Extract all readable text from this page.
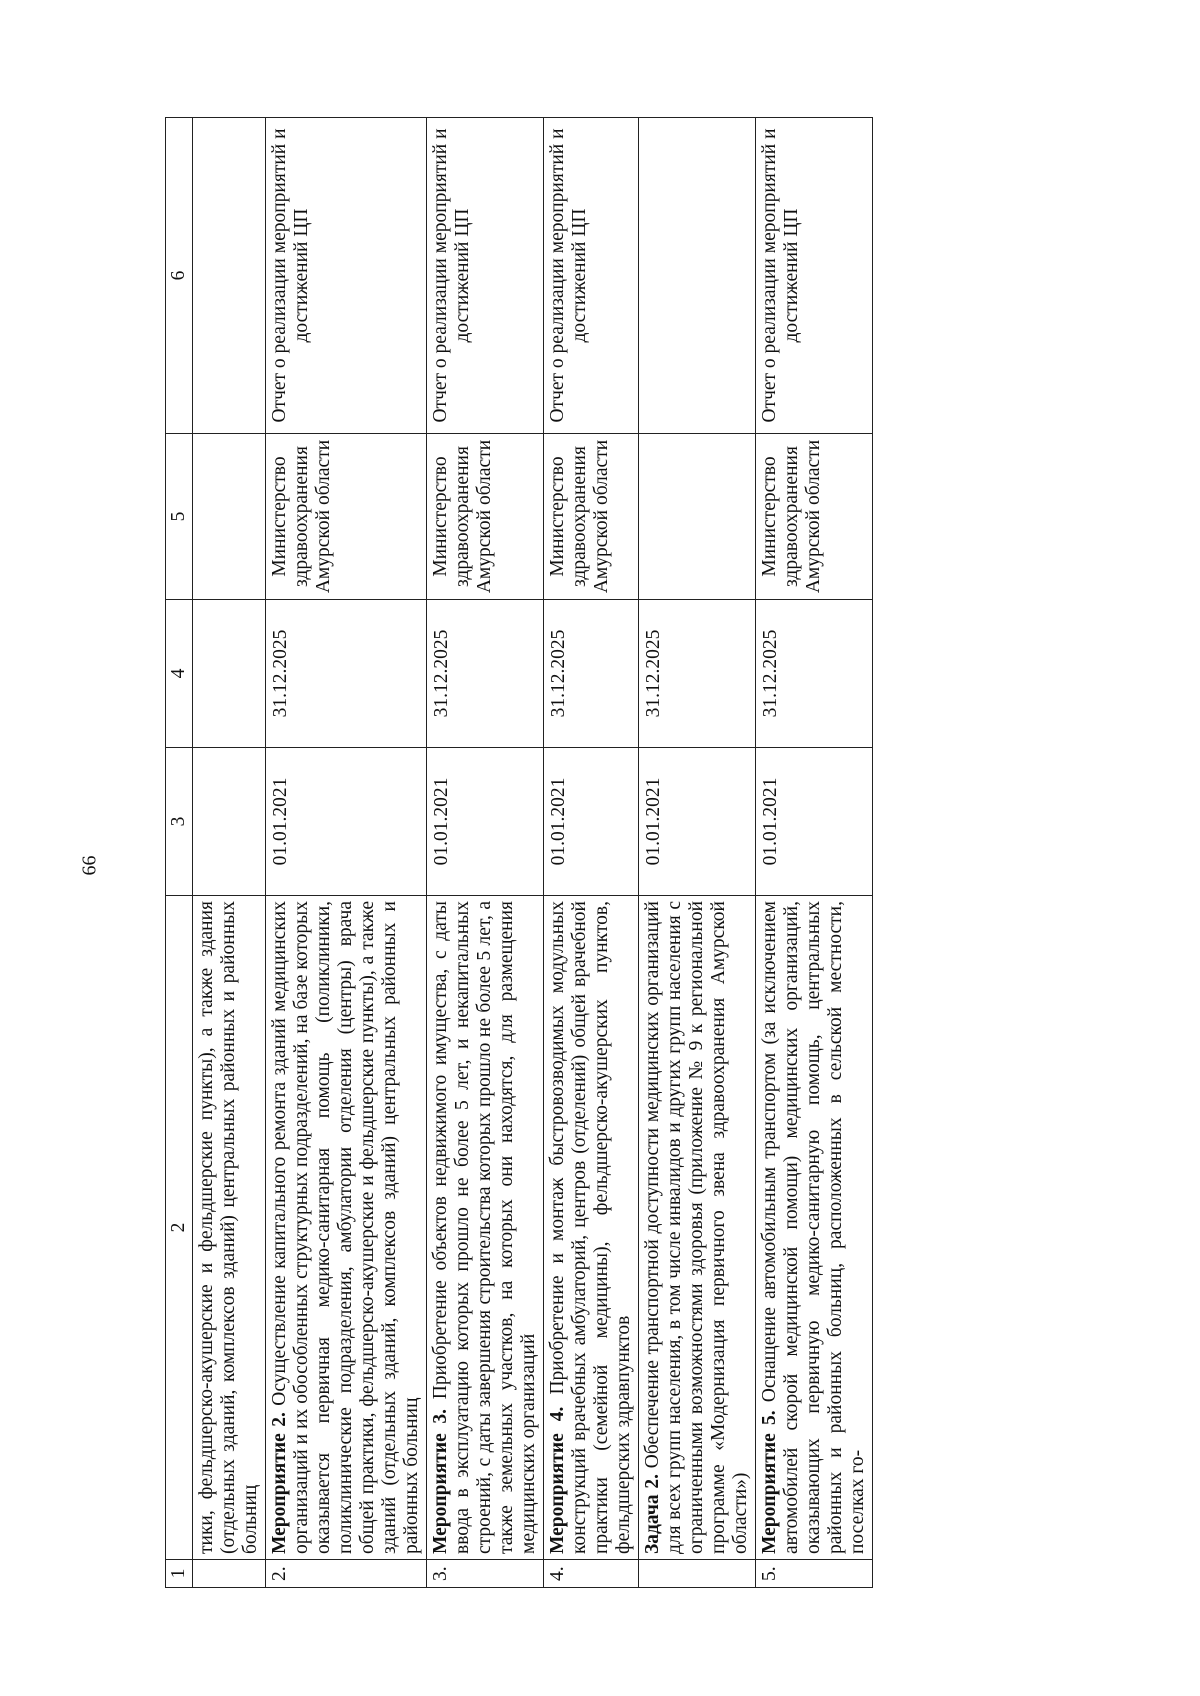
66
1	2	3	4	5	6
	тики, фельдшерско-акушерские и фельдшерские пункты), а также здания (отдельных зданий, комплексов зданий) центральных районных и районных больниц				
2.	Мероприятие 2. Осуществление капитального ремонта зданий медицинских организаций и их обособленных структурных подразделений, на базе которых оказывается первичная медико-санитарная помощь (поликлиники, поликлинические подразделения, амбулатории отделения (центры) врача общей практики, фельдшерско-акушерские и фельдшерские пункты), а также зданий (отдельных зданий, комплексов зданий) центральных районных и районных больниц	01.01.2021	31.12.2025	Министерство здравоохранения Амурской области	Отчет о реализации мероприятий и достижений ЦП
3.	Мероприятие 3. Приобретение объектов недвижимого имущества, с даты ввода в эксплуатацию которых прошло не более 5 лет, и некапитальных строений, с даты завершения строительства которых прошло не более 5 лет, а также земельных участков, на которых они находятся, для размещения медицинских организаций	01.01.2021	31.12.2025	Министерство здравоохранения Амурской области	Отчет о реализации мероприятий и достижений ЦП
4.	Мероприятие 4. Приобретение и монтаж быстровозводимых модульных конструкций врачебных амбулаторий, центров (отделений) общей врачебной практики (семейной медицины), фельдшерско-акушерских пунктов, фельдшерских здравпунктов	01.01.2021	31.12.2025	Министерство здравоохранения Амурской области	Отчет о реализации мероприятий и достижений ЦП
	Задача 2. Обеспечение транспортной доступности медицинских организаций для всех групп населения, в том числе инвалидов и других групп населения с ограниченными возможностями здоровья (приложение № 9 к региональной программе «Модернизация первичного звена здравоохранения Амурской области»)	01.01.2021	31.12.2025		
5.	Мероприятие 5. Оснащение автомобильным транспортом (за исключением автомобилей скорой медицинской помощи) медицинских организаций, оказывающих первичную медико-санитарную помощь, центральных районных и районных больниц, расположенных в сельской местности, поселках го-	01.01.2021	31.12.2025	Министерство здравоохранения Амурской области	Отчет о реализации мероприятий и достижений ЦП
